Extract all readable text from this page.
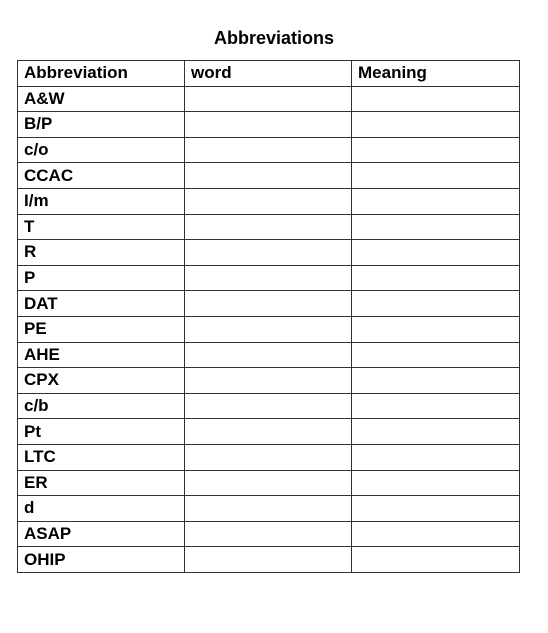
Abbreviations
Abbreviation	word	Meaning
A&W		
B/P		
c/o		
CCAC		
I/m		
T		
R		
P		
DAT		
PE		
AHE		
CPX		
c/b		
Pt		
LTC		
ER		
d		
ASAP		
OHIP		
